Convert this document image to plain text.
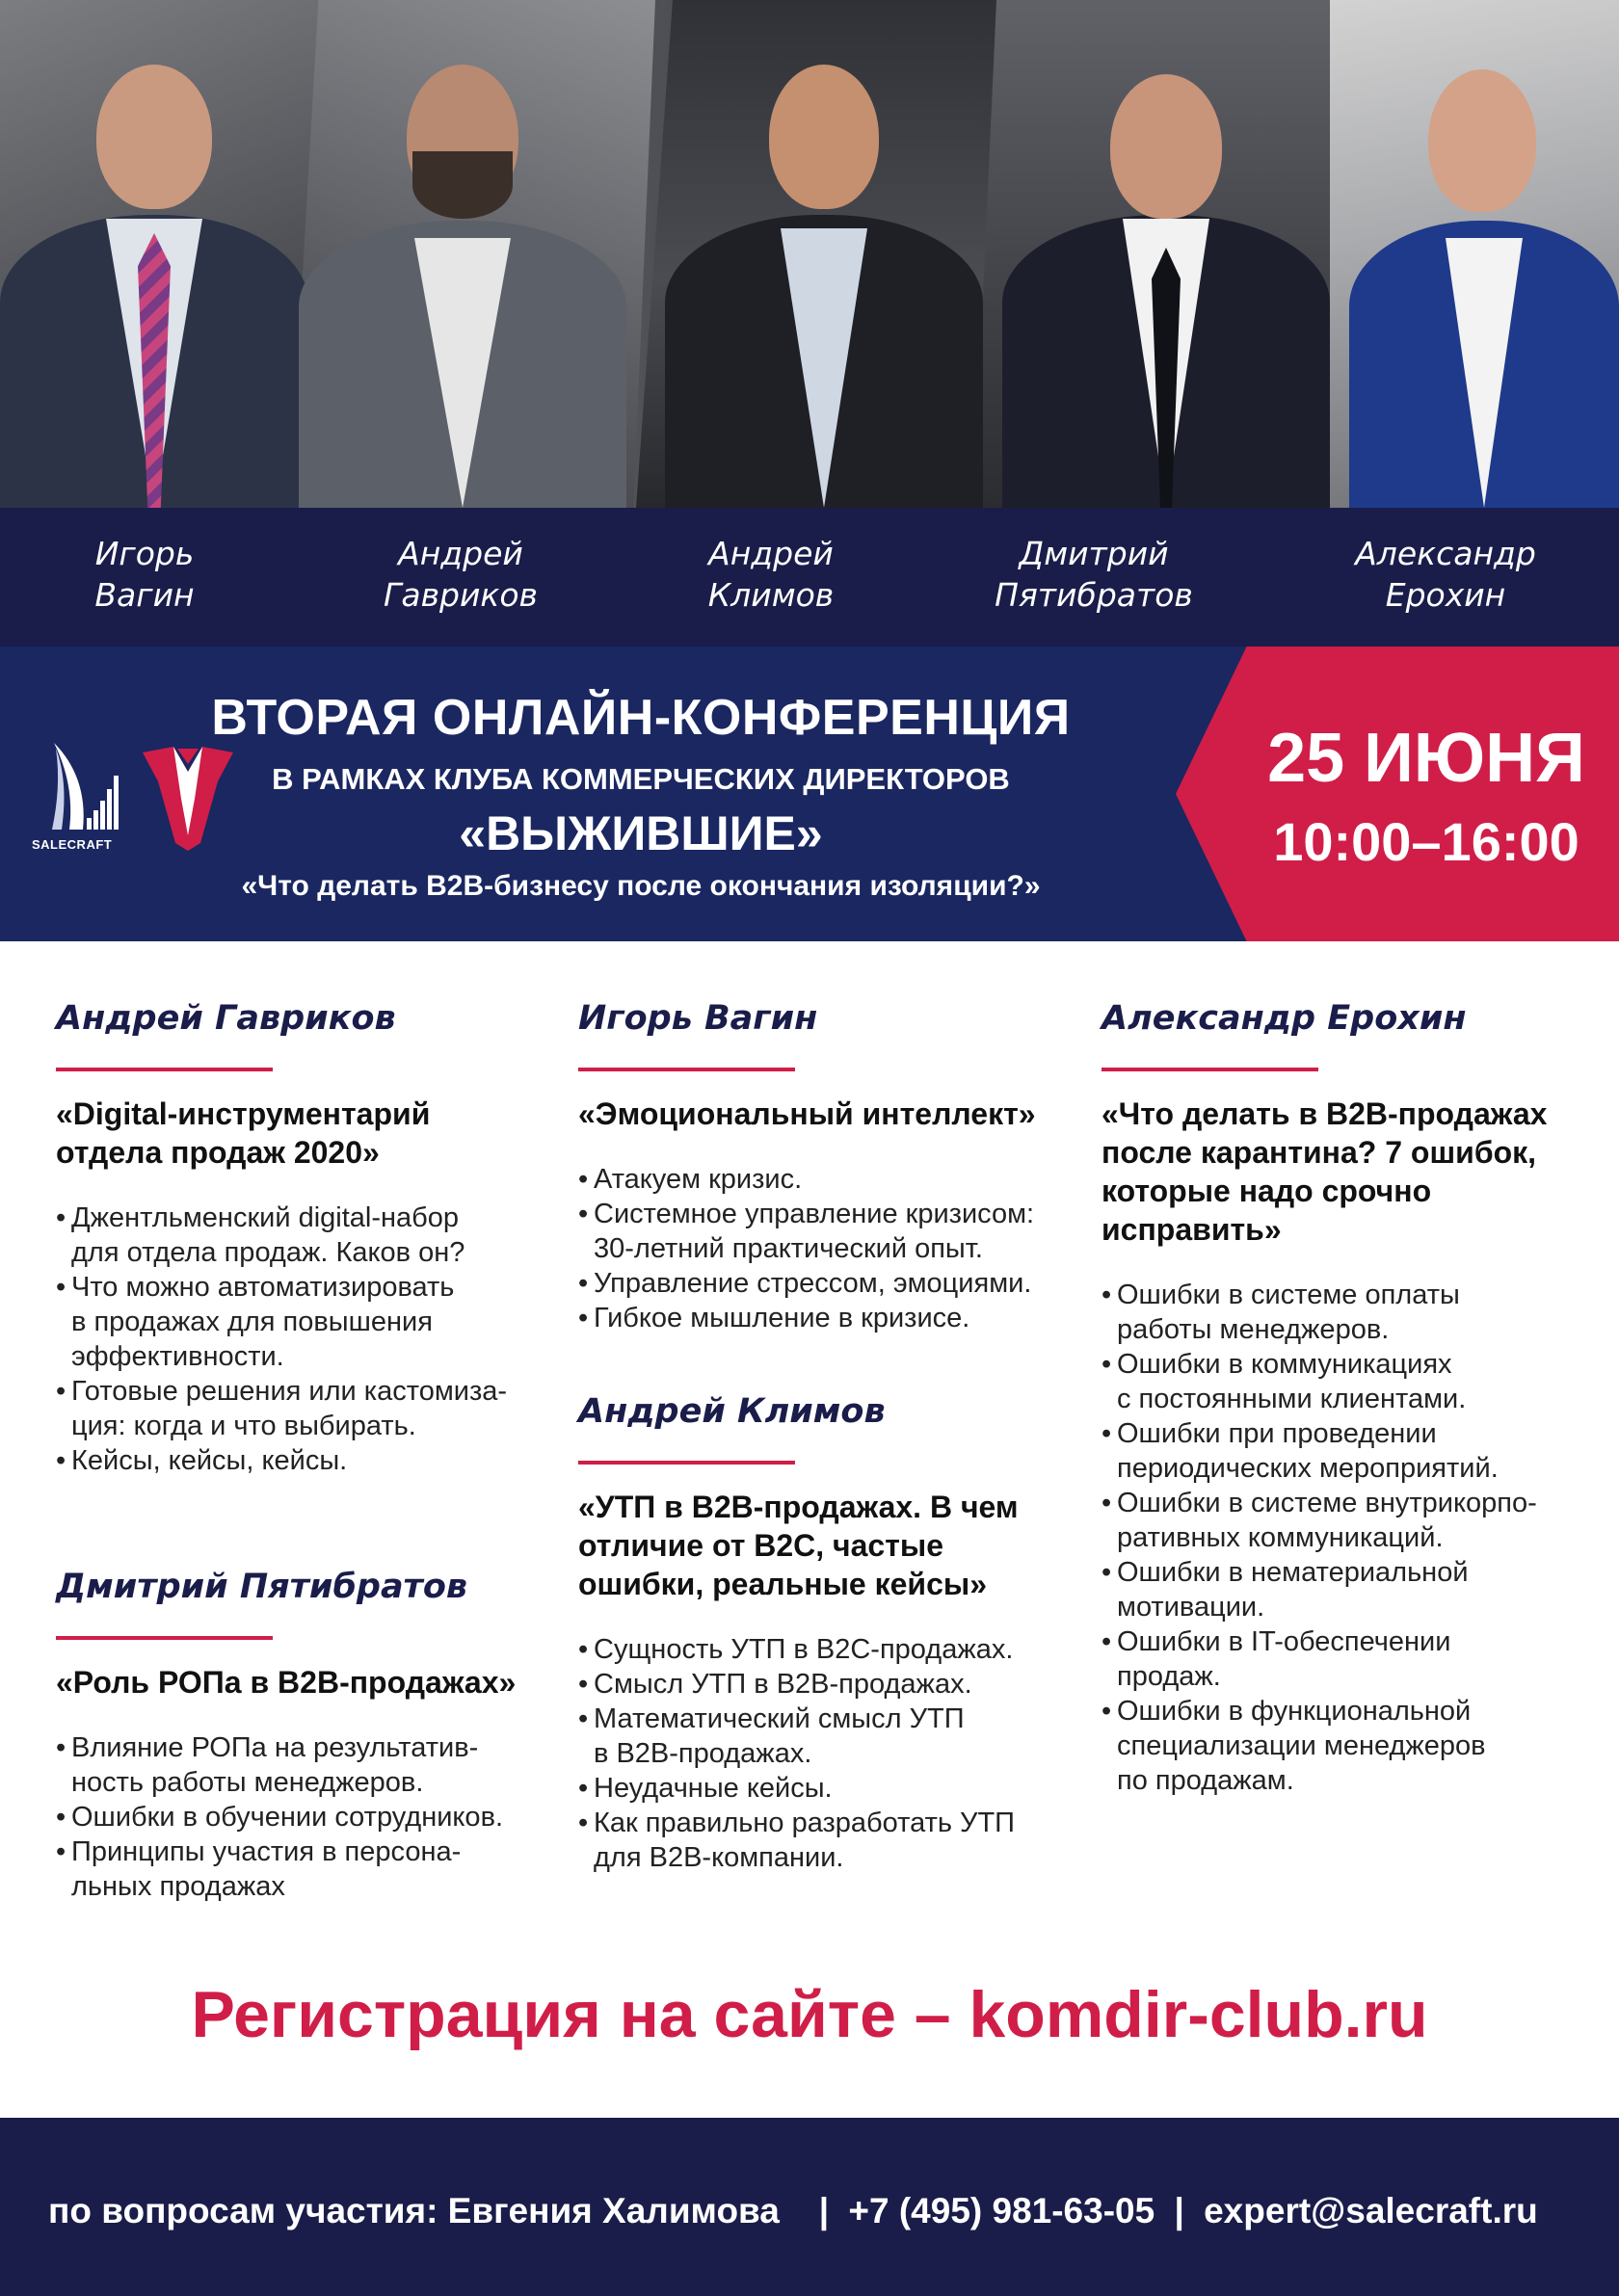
Игорь
Вагин
Андрей
Гавриков
Андрей
Климов
Дмитрий
Пятибратов
Александр
Ерохин
SALECRAFT
ВТОРАЯ ОНЛАЙН-КОНФЕРЕНЦИЯ
В РАМКАХ КЛУБА КОММЕРЧЕСКИХ ДИРЕКТОРОВ
«ВЫЖИВШИЕ»
«Что делать B2B-бизнесу после окончания изоляции?»
25 ИЮНЯ
10:00–16:00
Андрей Гавриков
«Digital-инструментарий
отдела продаж 2020»
• Джентльменский digital-набор
для отдела продаж. Каков он?
• Что можно автоматизировать
в продажах для повышения
эффективности.
• Готовые решения или кастомиза-
ция: когда и что выбирать.
• Кейсы, кейсы, кейсы.
Дмитрий Пятибратов
«Роль РОПа в B2B-продажах»
• Влияние РОПа на результатив-
ность работы менеджеров.
• Ошибки в обучении сотрудников.
• Принципы участия в персона-
льных продажах
Игорь Вагин
«Эмоциональный интеллект»
• Атакуем кризис.
• Системное управление кризисом:
30-летний практический опыт.
• Управление стрессом, эмоциями.
• Гибкое мышление в кризисе.
Андрей Климов
«УТП в B2B-продажах. В чем
отличие от B2C, частые
ошибки, реальные кейсы»
• Сущность УТП в B2C-продажах.
• Смысл УТП в B2B-продажах.
• Математический смысл УТП
в B2B-продажах.
• Неудачные кейсы.
• Как правильно разработать УТП
для B2B-компании.
Александр Ерохин
«Что делать в B2B-продажах
после карантина? 7 ошибок,
которые надо срочно
исправить»
• Ошибки в системе оплаты
работы менеджеров.
• Ошибки в коммуникациях
с постоянными клиентами.
• Ошибки при проведении
периодических мероприятий.
• Ошибки в системе внутрикорпо-
ративных коммуникаций.
• Ошибки в нематериальной
мотивации.
• Ошибки в IT-обеспечении
продаж.
• Ошибки в функциональной
специализации менеджеров
по продажам.
Регистрация на сайте – komdir-club.ru
по вопросам участия: Евгения Халимова   | +7 (495) 981-63-05 | expert@salecraft.ru
